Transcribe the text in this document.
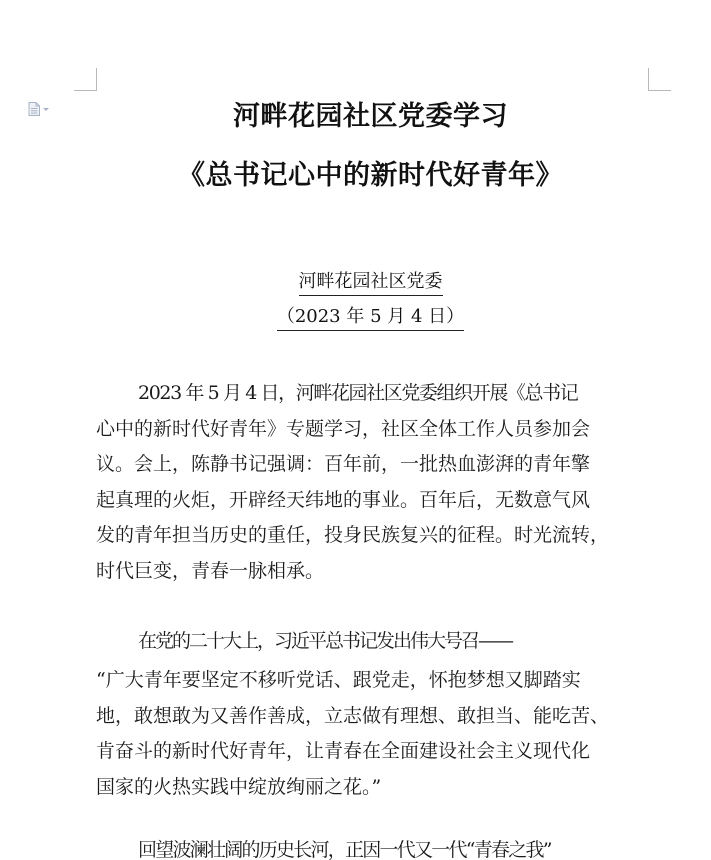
河畔花园社区党委学习
《总书记心中的新时代好青年》
河畔花园社区党委
（2023 年 5 月 4 日）
2023 年 5 月 4 日，河畔花园社区党委组织开展《总书记
心中的新时代好青年》专题学习，社区全体工作人员参加会
议。会上，陈静书记强调：百年前，一批热血澎湃的青年擎
起真理的火炬，开辟经天纬地的事业。百年后，无数意气风
发的青年担当历史的重任，投身民族复兴的征程。时光流转，
时代巨变，青春一脉相承。
在党的二十大上，习近平总书记发出伟大号召——
“广大青年要坚定不移听党话、跟党走，怀抱梦想又脚踏实
地，敢想敢为又善作善成，立志做有理想、敢担当、能吃苦、
肯奋斗的新时代好青年，让青春在全面建设社会主义现代化
国家的火热实践中绽放绚丽之花。”
回望波澜壮阔的历史长河，正因一代又一代“青春之我”
